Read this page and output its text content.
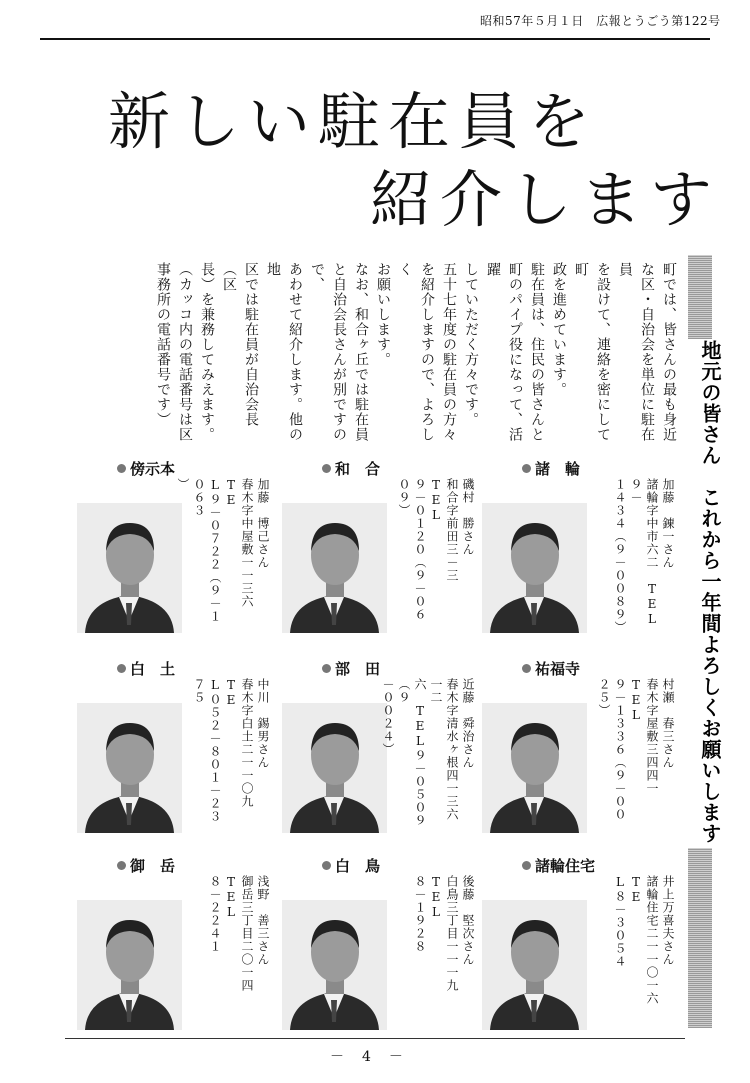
昭和57年５月１日　広報とうごう第122号
新しい駐在員を
紹介します

町では、皆さんの最も身近

な区・自治会を単位に駐在員

を設けて、連絡を密にして町

政を進めています。

駐在員は、住民の皆さんと

町のパイプ役になって、活躍

していただく方々です。

五十七年度の駐在員の方々

を紹介しますので、よろしく

お願いします。

なお、和合ヶ丘では駐在員

と自治会長さんが別ですので、

あわせて紹介します。他の地

区では駐在員が自治会長（区

長）を兼務してみえます。

（カッコ内の電話番号は区

事務所の電話番号です）	地元の皆さん　これから一年間よろしくお願いします
諸　輪
加藤　錬一さん
諸輪字中市六二　TEL９－
１４３４（９－００８９）
和　合
磯村　勝さん
和合字前田三－三　TEL
９－０１２０（９－０６０９）
傍示本
加藤　博己さん
春木字中屋敷一一三六　TE
L９－０７２２（９－１０６３
）
祐福寺
村瀬　春三さん
春木字屋敷三四四一　TEL
９－１３３６（９－００２５）
部　田
近藤　舜治さん
春木字清水ヶ根四一三六一二
六　TEL９－０５０９（９
－００２４）
白　土
中川　錫男さん
春木字白土二一一〇九　TE
L０５２－８０１－２３７５
諸輪住宅
井上万喜夫さん
諸輪住宅二一一〇一六　TE
L８－３０５４
白　鳥
後藤　堅次さん
白鳥三丁目一一一九　TEL
８－１９２８
御　岳
浅野　善三さん
御岳三丁目二〇一四　TEL
８－２２４１
－　4　－
